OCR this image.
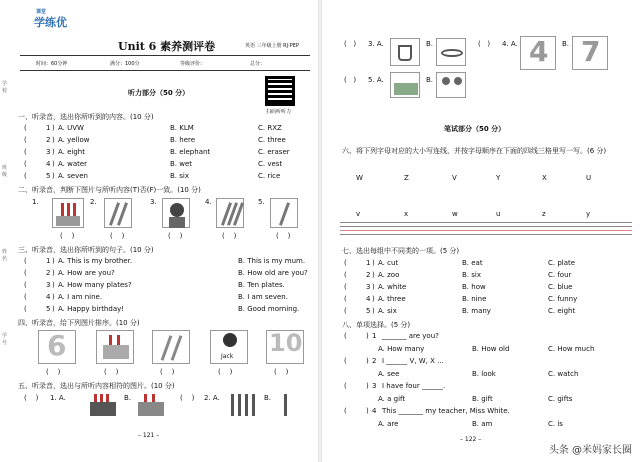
课堂
学练优
Unit 6 素养测评卷	英语 三年级上册 RJ·PEP
时间：60分钟	满分：100分	等级评价：	总分：
扫码听听力
听力部分（50 分）
一、听录音，选出你所听到的内容。(10 分)
(	1 ) A. UVW	B. KLM	C. RXZ
(	2 ) A. yellow	B. here	C. three
(	3 ) A. eight	B. elephant	C. eraser
(	4 ) A. water	B. wet	C. vest
(	5 ) A. seven	B. six	C. rice
二、听录音，判断下图片与所听内容(T)否(F)一致。(10 分)
1.	2.	3.	4.	5.
(    )	(    )	(    )	(    )	(    )
三、听录音，选出你所听到的句子。(10 分)
(	1 ) A. This is my brother.	B. This is my mum.
(	2 ) A. How are you?	B. How old are you?
(	3 ) A. How many plates?	B. Ten plates.
(	4 ) A. I am nine.	B. I am seven.
(	5 ) A. Happy birthday!	B. Good morning.
四、听录音，给下列图片排序。(10 分)
6	Jack 10
(    )	(    )	(    )	(    )	(    )
五、听录音，选出与所听内容相符的图片。(10 分)
(    ) 1. A.	B.	(    ) 2. A.	B.
– 121 –
学
校
班
级
姓
名
学
号
(   ) 3. A.	B.	(   ) 4. A. 4 B. 7
(   ) 5. A.	B.
笔试部分（50 分）
六、将下列字母对应的大小写连线，并按字母顺序在下面的四线三格里写一写。(6 分)
W	Z	V	Y	X	U
v	x	w	u	z	y
七、选出每组中不同类的一项。(5 分)
(	1 ) A. cut	B. eat	C. plate
(	2 ) A. zoo	B. six	C. four
(	3 ) A. white	B. how	C. blue
(	4 ) A. three	B. nine	C. funny
(	5 ) A. six	B. many	C. eight
八、单项选择。(5 分)
(	) 1 _______ are you?
A. How many	B. How old	C. How much
(	) 2 I ______ V, W, X ...
A. see	B. look	C. watch
(	) 3 I have four ______.
A. a gift	B. gift	C. gifts
(	) 4 This _______ my teacher, Miss White.
A. are	B. am	C. is
– 122 –
头条 @米妈家长圈
